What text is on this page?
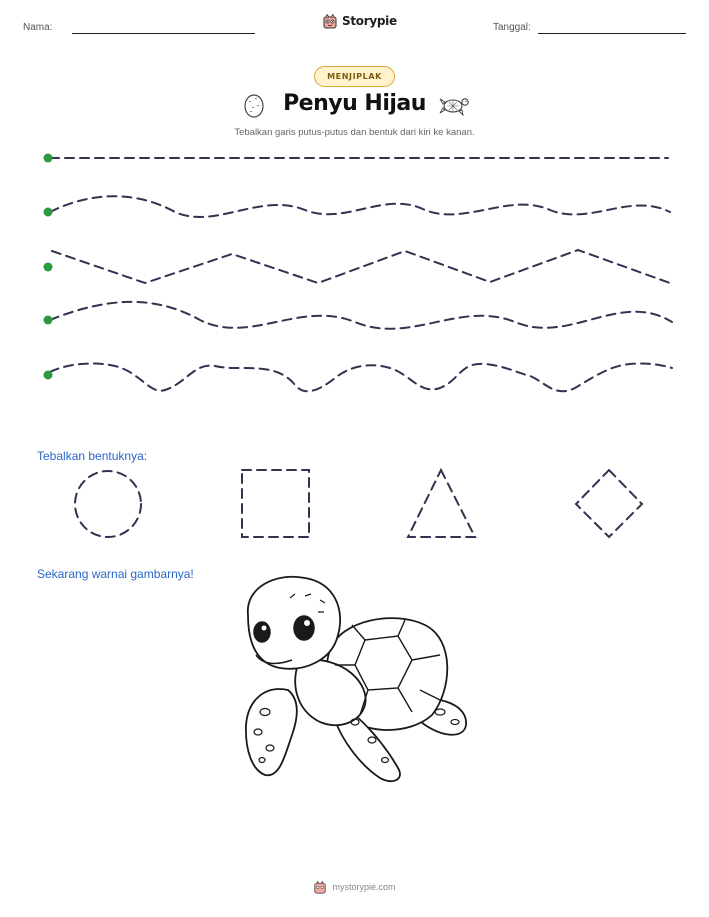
Nama:	Storypie	Tanggal:
MENJIPLAK
Penyu Hijau
Tebalkan garis putus-putus dan bentuk dari kiri ke kanan.
Tebalkan bentuknya:
Sekarang warnai gambarnya!
mystorypie.com
